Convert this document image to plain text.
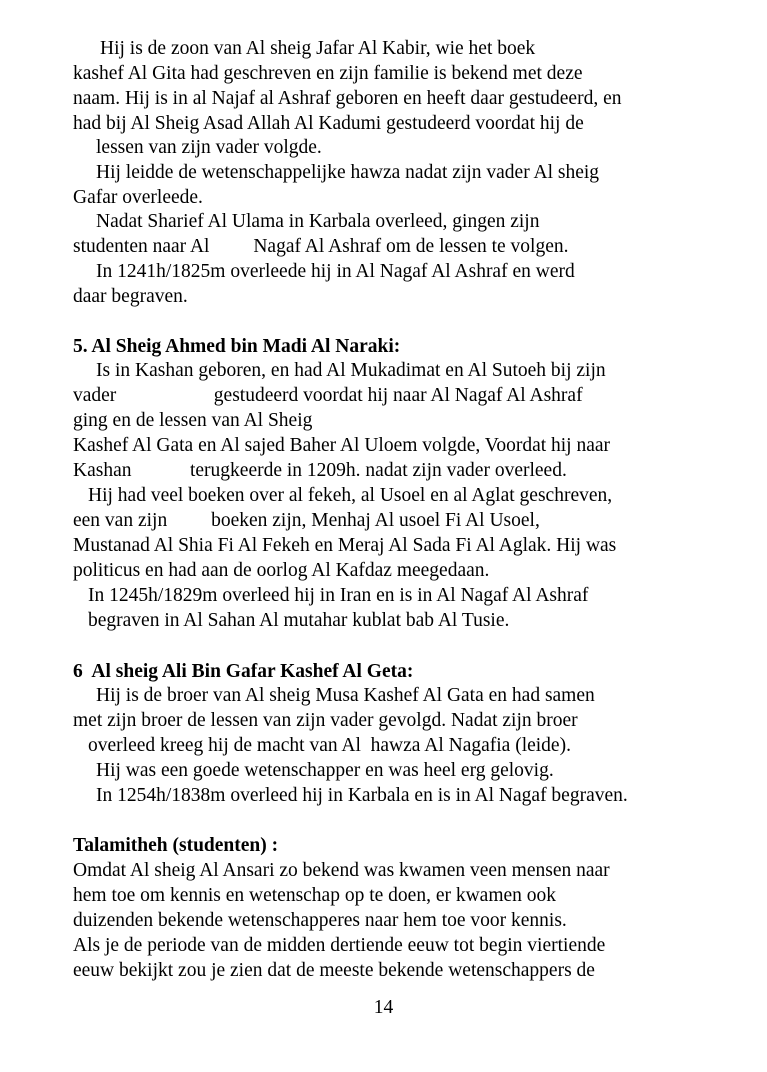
Hij is de zoon van Al sheig Jafar Al Kabir, wie het boek
kashef Al Gita had geschreven en zijn familie is bekend met deze
naam. Hij is in al Najaf al Ashraf geboren en heeft daar gestudeerd, en
had bij Al Sheig Asad Allah Al Kadumi gestudeerd voordat hij de
lessen van zijn vader volgde.
Hij leidde de wetenschappelijke hawza nadat zijn vader Al sheig
Gafar overleede.
Nadat Sharief Al Ulama in Karbala overleed, gingen zijn
studenten naar Al         Nagaf Al Ashraf om de lessen te volgen.
In 1241h/1825m overleede hij in Al Nagaf Al Ashraf en werd
daar begraven.
5. Al Sheig Ahmed bin Madi Al Naraki:
Is in Kashan geboren, en had Al Mukadimat en Al Sutoeh bij zijn
vader                    gestudeerd voordat hij naar Al Nagaf Al Ashraf
ging en de lessen van Al Sheig
Kashef Al Gata en Al sajed Baher Al Uloem volgde, Voordat hij naar
Kashan            terugkeerde in 1209h. nadat zijn vader overleed.
Hij had veel boeken over al fekeh, al Usoel en al Aglat geschreven,
een van zijn         boeken zijn, Menhaj Al usoel Fi Al Usoel,
Mustanad Al Shia Fi Al Fekeh en Meraj Al Sada Fi Al Aglak. Hij was
politicus en had aan de oorlog Al Kafdaz meegedaan.
In 1245h/1829m overleed hij in Iran en is in Al Nagaf Al Ashraf
begraven in Al Sahan Al mutahar kublat bab Al Tusie.
6  Al sheig Ali Bin Gafar Kashef Al Geta:
Hij is de broer van Al sheig Musa Kashef Al Gata en had samen
met zijn broer de lessen van zijn vader gevolgd. Nadat zijn broer
overleed kreeg hij de macht van Al  hawza Al Nagafia (leide).
Hij was een goede wetenschapper en was heel erg gelovig.
In 1254h/1838m overleed hij in Karbala en is in Al Nagaf begraven.
Talamitheh (studenten) :
Omdat Al sheig Al Ansari zo bekend was kwamen veen mensen naar
hem toe om kennis en wetenschap op te doen, er kwamen ook
duizenden bekende wetenschapperes naar hem toe voor kennis.
Als je de periode van de midden dertiende eeuw tot begin viertiende
eeuw bekijkt zou je zien dat de meeste bekende wetenschappers de
14
